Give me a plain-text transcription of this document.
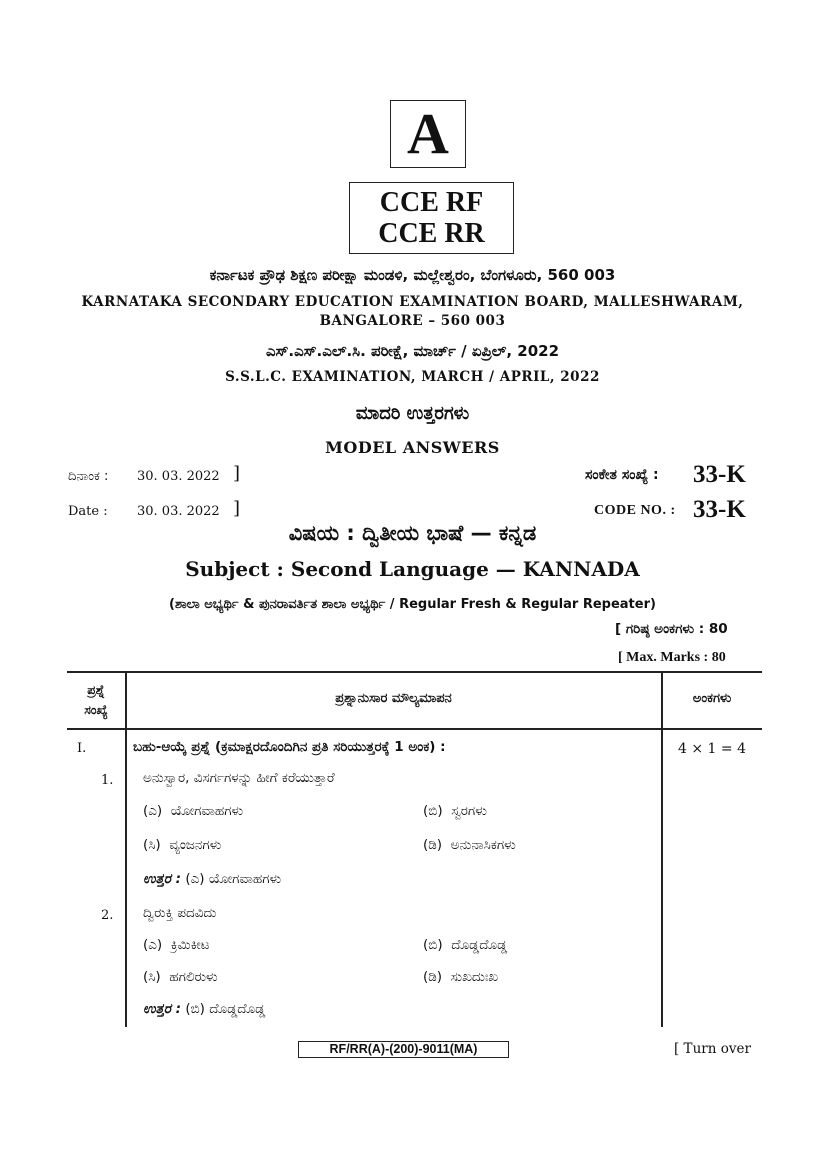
A
CCE RF
CCE RR
ಕರ್ನಾಟಕ ಪ್ರೌಢ ಶಿಕ್ಷಣ ಪರೀಕ್ಷಾ ಮಂಡಳಿ, ಮಲ್ಲೇಶ್ವರಂ, ಬೆಂಗಳೂರು, 560 003
KARNATAKA SECONDARY EDUCATION EXAMINATION BOARD, MALLESHWARAM,
BANGALORE – 560 003
ಎಸ್.ಎಸ್.ಎಲ್.ಸಿ. ಪರೀಕ್ಷೆ, ಮಾರ್ಚ್ / ಏಪ್ರಿಲ್, 2022
S.S.L.C. EXAMINATION, MARCH / APRIL, 2022
ಮಾದರಿ ಉತ್ತರಗಳು
MODEL ANSWERS
ದಿನಾಂಕ : 30. 03. 2022 ]	ಸಂಕೇತ ಸಂಖ್ಯೆ : 33-K
Date : 30. 03. 2022 ]	CODE NO. : 33-K
ವಿಷಯ : ದ್ವಿತೀಯ ಭಾಷೆ — ಕನ್ನಡ
Subject : Second Language — KANNADA
(ಶಾಲಾ ಅಭ್ಯರ್ಥಿ & ಪುನರಾವರ್ತಿತ ಶಾಲಾ ಅಭ್ಯರ್ಥಿ / Regular Fresh & Regular Repeater)
[ ಗರಿಷ್ಠ ಅಂಕಗಳು : 80
[ Max. Marks : 80
ಪ್ರಶ್ನೆ
ಸಂಖ್ಯೆ
ಪ್ರಶ್ನಾನುಸಾರ ಮೌಲ್ಯಮಾಪನ	ಅಂಕಗಳು
I.	ಬಹು-ಆಯ್ಕೆ ಪ್ರಶ್ನೆ (ಕ್ರಮಾಕ್ಷರದೊಂದಿಗಿನ ಪ್ರತಿ ಸರಿಯುತ್ತರಕ್ಕೆ 1 ಅಂಕ) :	4 × 1 = 4
1. ಅನುಸ್ವಾರ, ವಿಸರ್ಗಗಳನ್ನು ಹೀಗೆ ಕರೆಯುತ್ತಾರೆ
(ಎ) ಯೋಗವಾಹಗಳು	(ಬಿ) ಸ್ವರಗಳು
(ಸಿ) ವ್ಯಂಜನಗಳು	(ಡಿ) ಅನುನಾಸಿಕಗಳು
ಉತ್ತರ : (ಎ) ಯೋಗವಾಹಗಳು
2. ದ್ವಿರುಕ್ತಿ ಪದವಿದು
(ಎ) ಕ್ರಿಮಿಕೀಟ	(ಬಿ) ದೊಡ್ಡದೊಡ್ಡ
(ಸಿ) ಹಗಲಿರುಳು	(ಡಿ) ಸುಖದುಃಖ
ಉತ್ತರ : (ಬಿ) ದೊಡ್ಡದೊಡ್ಡ
RF/RR(A)-(200)-9011(MA)	[ Turn over
